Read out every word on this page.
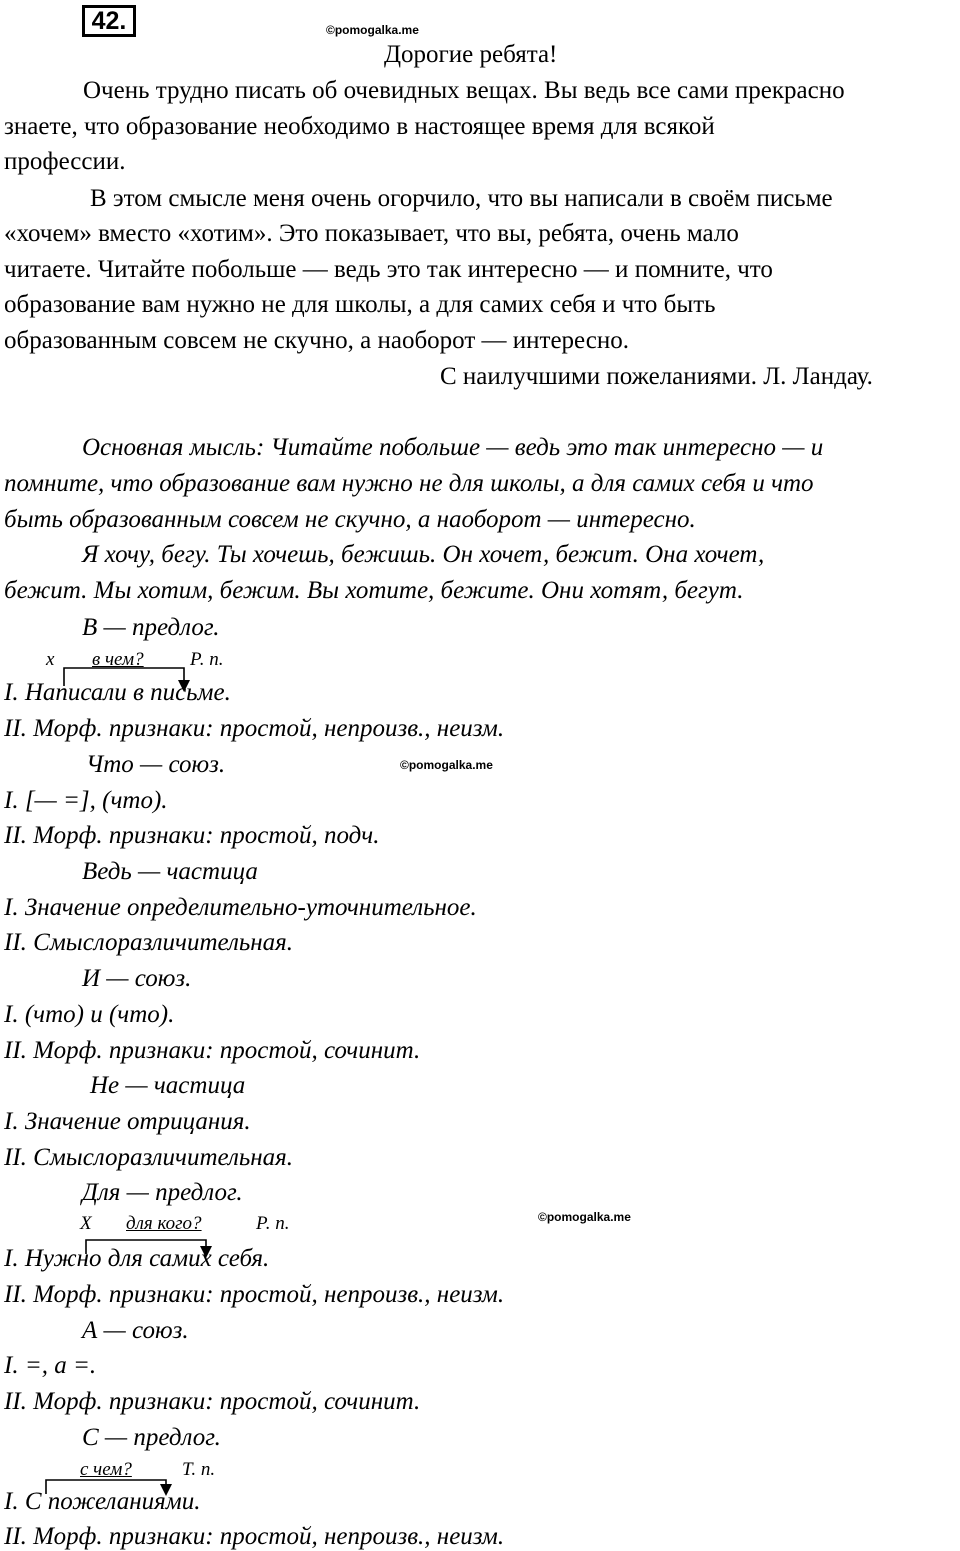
42.	©pomogalka.me
Дорогие ребята!
Очень трудно писать об очевидных вещах. Вы ведь все сами прекрасно
знаете, что образование необходимо в настоящее время для всякой
профессии.
В этом смысле меня очень огорчило, что вы написали в своём письме
«хочем» вместо «хотим». Это показывает, что вы, ребята, очень мало
читаете. Читайте побольше — ведь это так интересно — и помните, что
образование вам нужно не для школы, а для самих себя и что быть
образованным совсем не скучно, а наоборот — интересно.
С наилучшими пожеланиями. Л. Ландау.
Основная мысль: Читайте побольше — ведь это так интересно — и
помните, что образование вам нужно не для школы, а для самих себя и что
быть образованным совсем не скучно, а наоборот — интересно.
Я хочу, бегу. Ты хочешь, бежишь. Он хочет, бежит. Она хочет,
бежит. Мы хотим, бежим. Вы хотите, бежите. Они хотят, бегут.
В — предлог.
х в чем? Р. п.
I. Написали в письме.
II. Морф. признаки: простой, непроизв., неизм.
Что — союз.	©pomogalka.me
I. [— =], (что).
II. Морф. признаки: простой, подч.
Ведь — частица
I. Значение определительно-уточнительное.
II. Смыслоразличительная.
И — союз.
I. (что) и (что).
II. Морф. признаки: простой, сочинит.
Не — частица
I. Значение отрицания.
II. Смыслоразличительная.
Для — предлог.
Х для кого?	Р. п.	©pomogalka.me
I. Нужно для самих себя.
II. Морф. признаки: простой, непроизв., неизм.
А — союз.
I. =, а =.
II. Морф. признаки: простой, сочинит.
С — предлог.
с чем?	Т. п.
I. С пожеланиями.
II. Морф. признаки: простой, непроизв., неизм.
